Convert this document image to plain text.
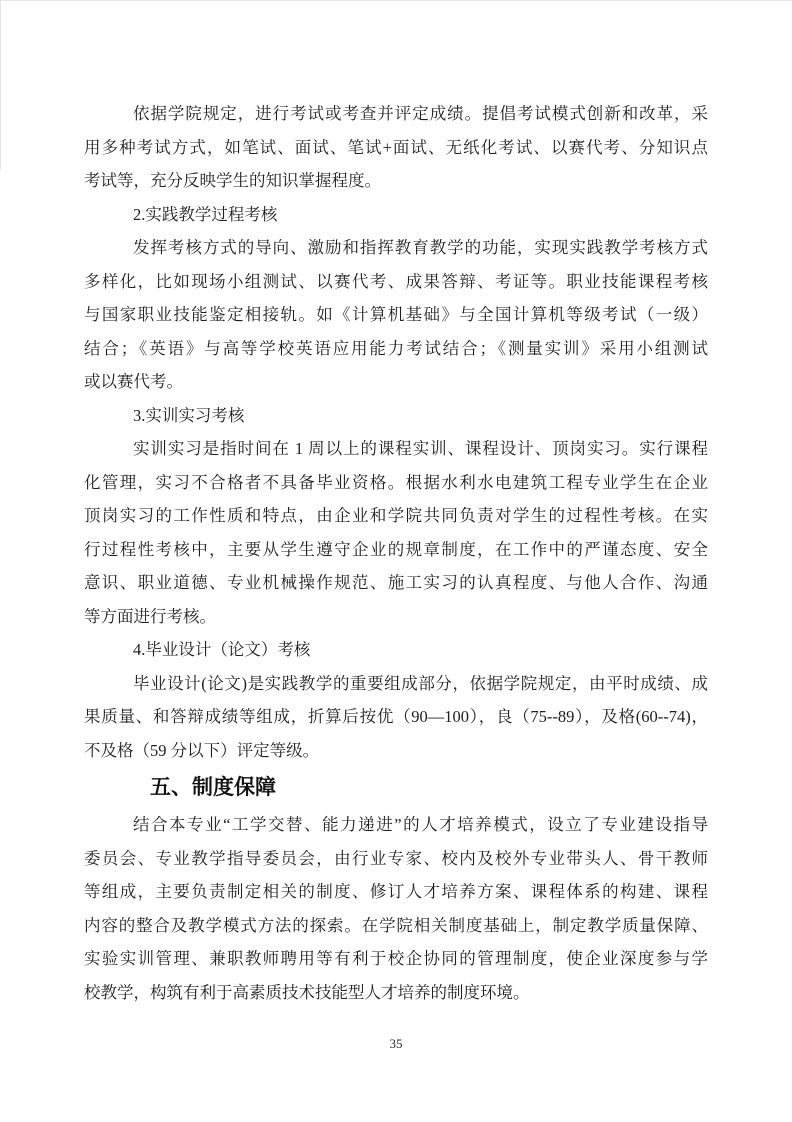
依据学院规定，进行考试或考查并评定成绩。提倡考试模式创新和改革，采
用多种考试方式，如笔试、面试、笔试+面试、无纸化考试、以赛代考、分知识点
考试等，充分反映学生的知识掌握程度。
2.实践教学过程考核
发挥考核方式的导向、激励和指挥教育教学的功能，实现实践教学考核方式
多样化，比如现场小组测试、以赛代考、成果答辩、考证等。职业技能课程考核
与国家职业技能鉴定相接轨。如《计算机基础》与全国计算机等级考试（一级）
结合；《英语》与高等学校英语应用能力考试结合；《测量实训》采用小组测试
或以赛代考。
3.实训实习考核
实训实习是指时间在 1 周以上的课程实训、课程设计、顶岗实习。实行课程
化管理，实习不合格者不具备毕业资格。根据水利水电建筑工程专业学生在企业
顶岗实习的工作性质和特点，由企业和学院共同负责对学生的过程性考核。在实
行过程性考核中，主要从学生遵守企业的规章制度，在工作中的严谨态度、安全
意识、职业道德、专业机械操作规范、施工实习的认真程度、与他人合作、沟通
等方面进行考核。
4.毕业设计（论文）考核
毕业设计(论文)是实践教学的重要组成部分，依据学院规定，由平时成绩、成
果质量、和答辩成绩等组成，折算后按优（90—100），良（75--89），及格(60--74)，
不及格（59 分以下）评定等级。
五、制度保障
结合本专业“工学交替、能力递进”的人才培养模式，设立了专业建设指导
委员会、专业教学指导委员会，由行业专家、校内及校外专业带头人、骨干教师
等组成，主要负责制定相关的制度、修订人才培养方案、课程体系的构建、课程
内容的整合及教学模式方法的探索。在学院相关制度基础上，制定教学质量保障、
实验实训管理、兼职教师聘用等有利于校企协同的管理制度，使企业深度参与学
校教学，构筑有利于高素质技术技能型人才培养的制度环境。
35
